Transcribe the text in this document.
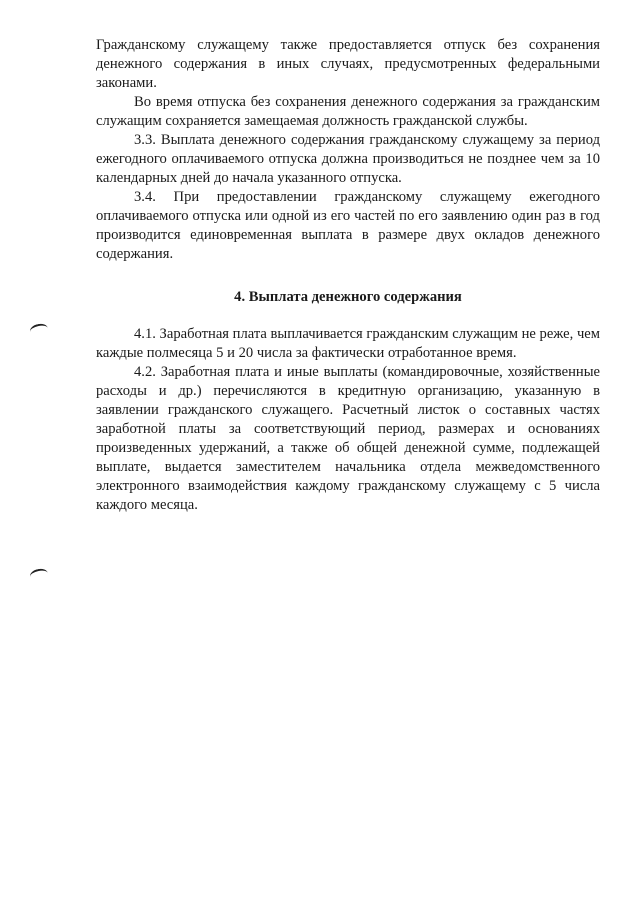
Гражданскому служащему также предоставляется отпуск без сохранения денежного содержания в иных случаях, предусмотренных федеральными законами.

Во время отпуска без сохранения денежного содержания за гражданским служащим сохраняется замещаемая должность гражданской службы.

3.3. Выплата денежного содержания гражданскому служащему за период ежегодного оплачиваемого отпуска должна производиться не позднее чем за 10 календарных дней до начала указанного отпуска.

3.4. При предоставлении гражданскому служащему ежегодного оплачиваемого отпуска или одной из его частей по его заявлению один раз в год производится единовременная выплата в размере двух окладов денежного содержания.

4. Выплата денежного содержания

4.1. Заработная плата выплачивается гражданским служащим не реже, чем каждые полмесяца 5 и 20 числа за фактически отработанное время.

4.2. Заработная плата и иные выплаты (командировочные, хозяйственные расходы и др.) перечисляются в кредитную организацию, указанную в заявлении гражданского служащего. Расчетный листок о составных частях заработной платы за соответствующий период, размерах и основаниях произведенных удержаний, а также об общей денежной сумме, подлежащей выплате, выдается заместителем начальника отдела межведомственного электронного взаимодействия каждому гражданскому служащему с 5 числа каждого месяца.
